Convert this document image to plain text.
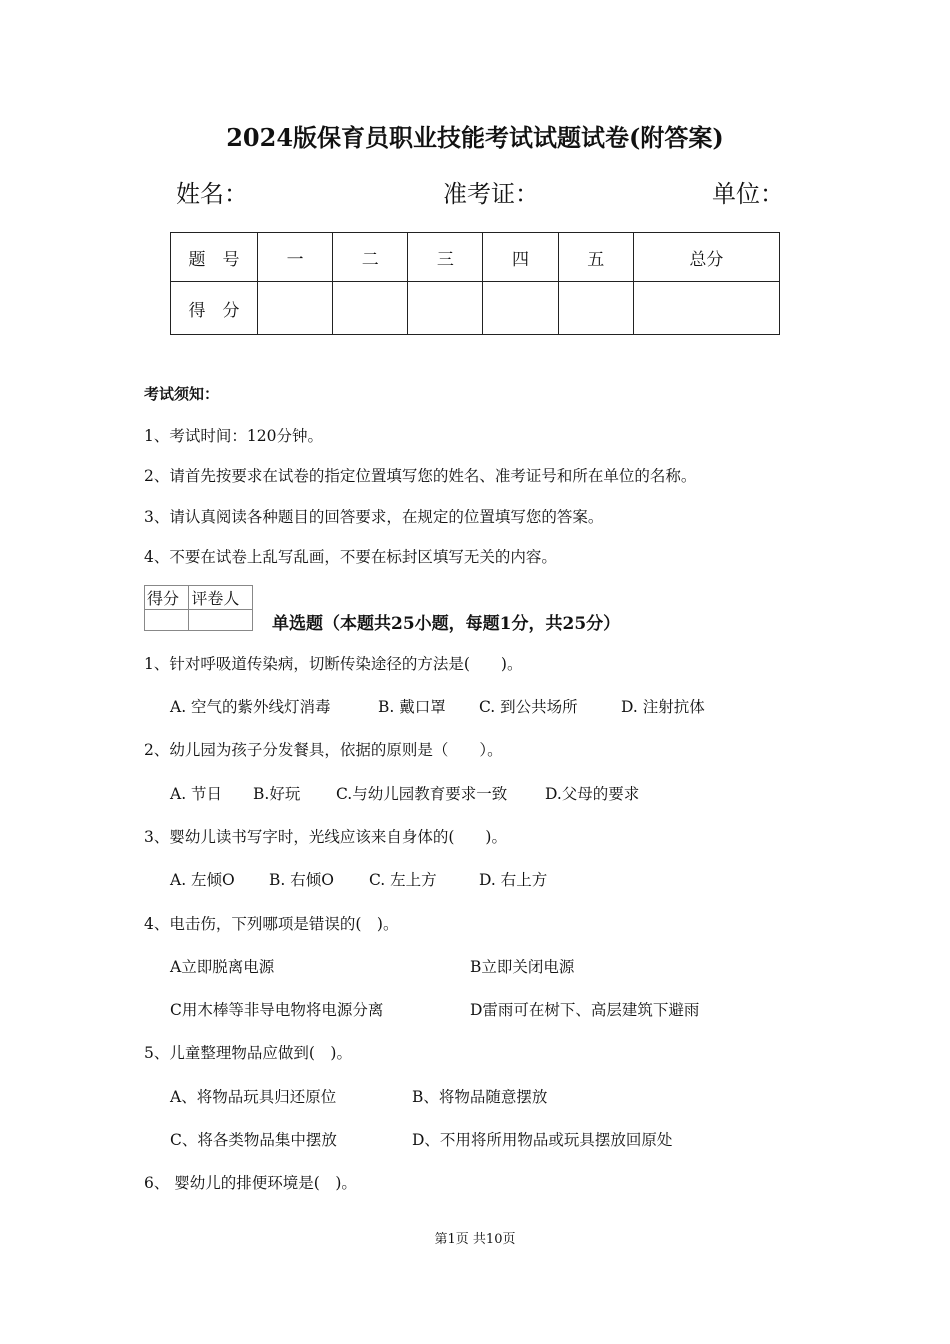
2024版保育员职业技能考试试题试卷(附答案)
姓名：	准考证：	单位：
题　号	一	二	三	四	五	总分
得　分						
考试须知：
1、考试时间：120分钟。
2、请首先按要求在试卷的指定位置填写您的姓名、准考证号和所在单位的名称。
3、请认真阅读各种题目的回答要求，在规定的位置填写您的答案。
4、不要在试卷上乱写乱画，不要在标封区填写无关的内容。
得分	评卷人

单选题（本题共25小题，每题1分，共25分）
1、针对呼吸道传染病，切断传染途径的方法是(　　)。
A. 空气的紫外线灯消毒	B. 戴口罩 C. 到公共场所	D. 注射抗体
2、幼儿园为孩子分发餐具，依据的原则是（　　）。
A. 节日 B.好玩 C.与幼儿园教育要求一致 D.父母的要求
3、婴幼儿读书写字时，光线应该来自身体的(　　)。
A. 左倾O B. 右倾O C. 左上方	D. 右上方
4、电击伤，下列哪项是错误的(　)。
A立即脱离电源	B立即关闭电源
C用木棒等非导电物将电源分离	D雷雨可在树下、高层建筑下避雨
5、儿童整理物品应做到(　)。
A、将物品玩具归还原位	B、将物品随意摆放
C、将各类物品集中摆放	D、不用将所用物品或玩具摆放回原处
6、 婴幼儿的排便环境是(　)。
第1页 共10页
